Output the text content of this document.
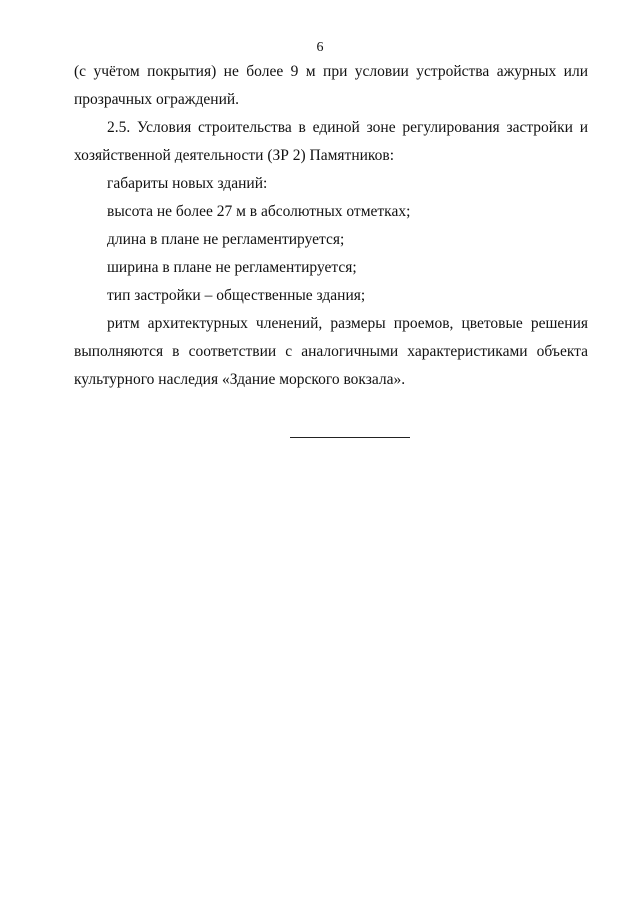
6

(с учётом покрытия) не более 9 м при условии устройства ажурных или

прозрачных ограждений.

2.5. Условия строительства в единой зоне регулирования застройки и

хозяйственной деятельности (ЗР 2) Памятников:

габариты новых зданий:

высота не более 27 м в абсолютных отметках;

длина в плане не регламентируется;

ширина в плане не регламентируется;

тип застройки – общественные здания;

ритм архитектурных членений, размеры проемов, цветовые решения

выполняются в соответствии с аналогичными характеристиками объекта

культурного наследия «Здание морского вокзала».
